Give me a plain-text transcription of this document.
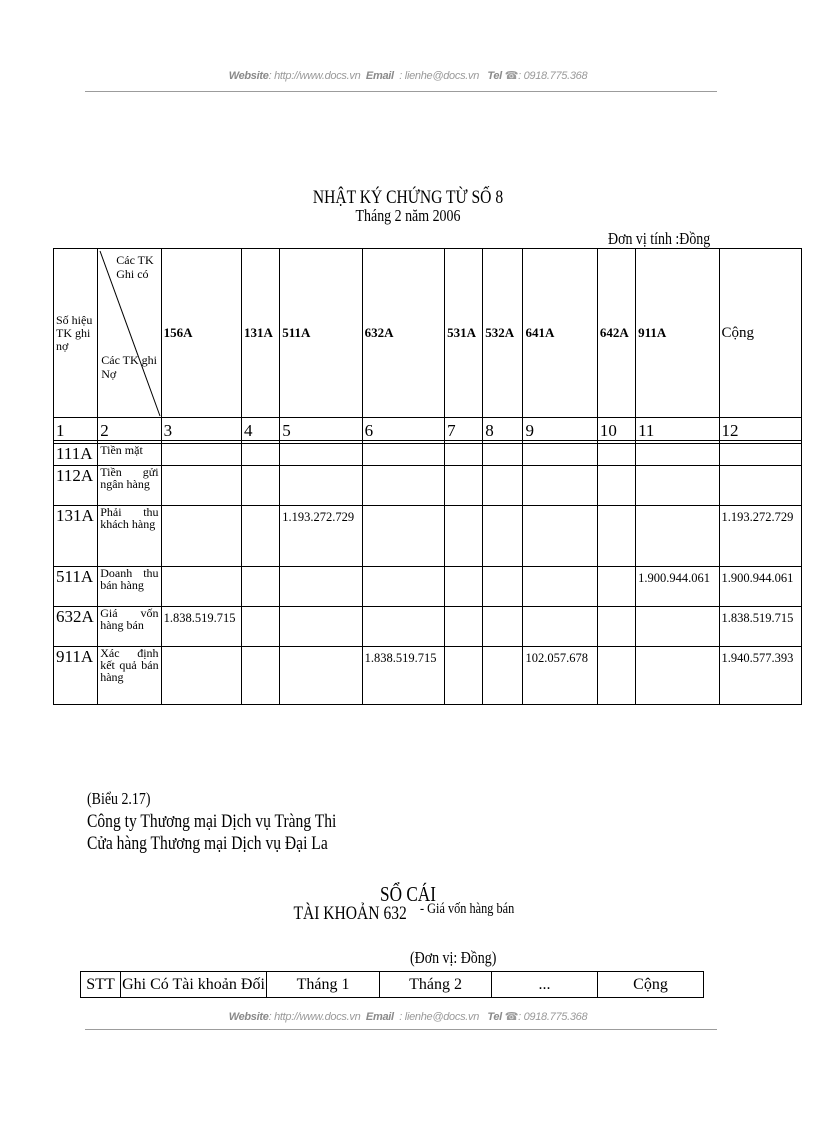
Website: http://www.docs.vn Email : lienhe@docs.vn Tel ☎: 0918.775.368
NHẬT KÝ CHỨNG TỪ SỐ 8
Tháng 2 năm 2006
Đơn vị tính :Đồng
Số hiệu TK ghi nợ	Các TK Ghi có
Các TK ghi Nợ	156A	131A	511A	632A	531A	532A	641A	642A	911A	Cộng
1	2	3	4	5	6	7	8	9	10	11	12

111A	Tiền mặt										
112A	Tiền gửi ngân hàng										
131A	Phải thu khách hàng			1.193.272.729							1.193.272.729
511A	Doanh thu bán hàng									1.900.944.061	1.900.944.061
632A	Giá vốn hàng bán	1.838.519.715									1.838.519.715
911A	Xác định kết quả bán hàng				1.838.519.715			102.057.678			1.940.577.393
(Biểu 2.17)
Công ty Thương mại Dịch vụ Tràng Thi
Cửa hàng Thương mại Dịch vụ Đại La
SỔ CÁI
TÀI KHOẢN 632 - Giá vốn hàng bán
(Đơn vị: Đồng)
STT	Ghi Có Tài khoản Đối	Tháng 1	Tháng 2	...	Cộng
Website: http://www.docs.vn Email : lienhe@docs.vn Tel ☎: 0918.775.368
